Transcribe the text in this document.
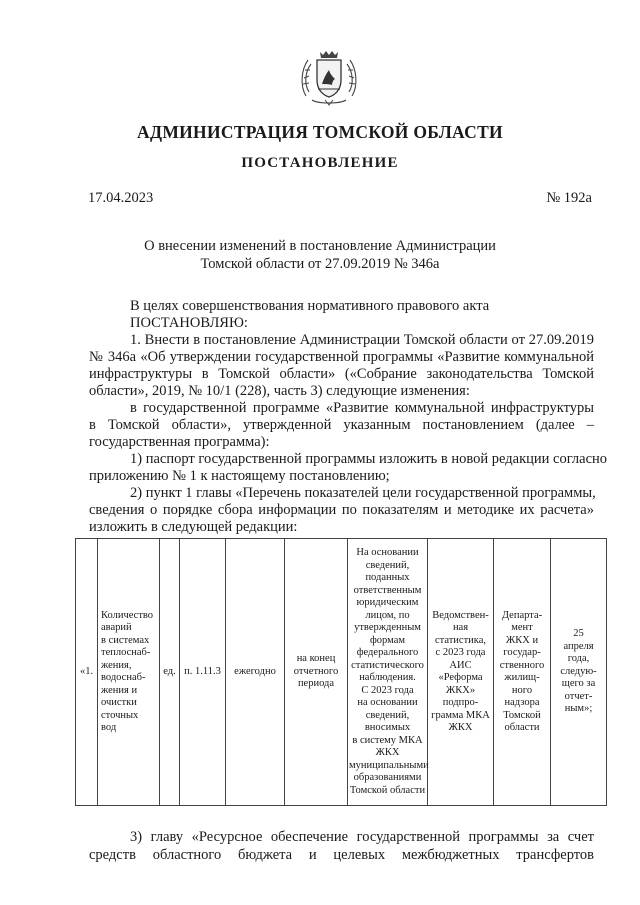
АДМИНИСТРАЦИЯ ТОМСКОЙ ОБЛАСТИ
ПОСТАНОВЛЕНИЕ
17.04.2023	№ 192а
О внесении изменений в постановление Администрации
Томской области от 27.09.2019 № 346а
В целях совершенствования нормативного правового акта
ПОСТАНОВЛЯЮ:
1. Внести в постановление Администрации Томской области от 27.09.2019
№ 346а «Об утверждении государственной программы «Развитие коммунальной
инфраструктуры в Томской области» («Собрание законодательства Томской
области», 2019, № 10/1 (228), часть 3) следующие изменения:
в государственной программе «Развитие коммунальной инфраструктуры
в Томской области», утвержденной указанным постановлением (далее –
государственная программа):
1) паспорт государственной программы изложить в новой редакции согласно
приложению № 1 к настоящему постановлению;
2) пункт 1 главы «Перечень показателей цели государственной программы,
сведения о порядке сбора информации по показателям и методике их расчета»
изложить в следующей редакции:
«1.	Количество
аварий
в системах
теплоснаб-
жения,
водоснаб-
жения и
очистки
сточных
вод	ед.	п. 1.11.3	ежегодно	на конец
отчетного
периода	На основании
сведений,
поданных
ответственным
юридическим
лицом, по
утвержденным
формам
федерального
статистического
наблюдения.
С 2023 года
на основании
сведений,
вносимых
в систему МКА
ЖКХ
муниципальными
образованиями
Томской области	Ведомствен-
ная
статистика,
с 2023 года
АИС
«Реформа
ЖКХ»
подпро-
грамма МКА
ЖКХ	Департа-
мент
ЖКХ и
государ-
ственного
жилищ-
ного
надзора
Томской
области	25
апреля
года,
следую-
щего за
отчет-
ным»;
3) главу «Ресурсное обеспечение государственной программы за счет
средств областного бюджета и целевых межбюджетных трансфертов
